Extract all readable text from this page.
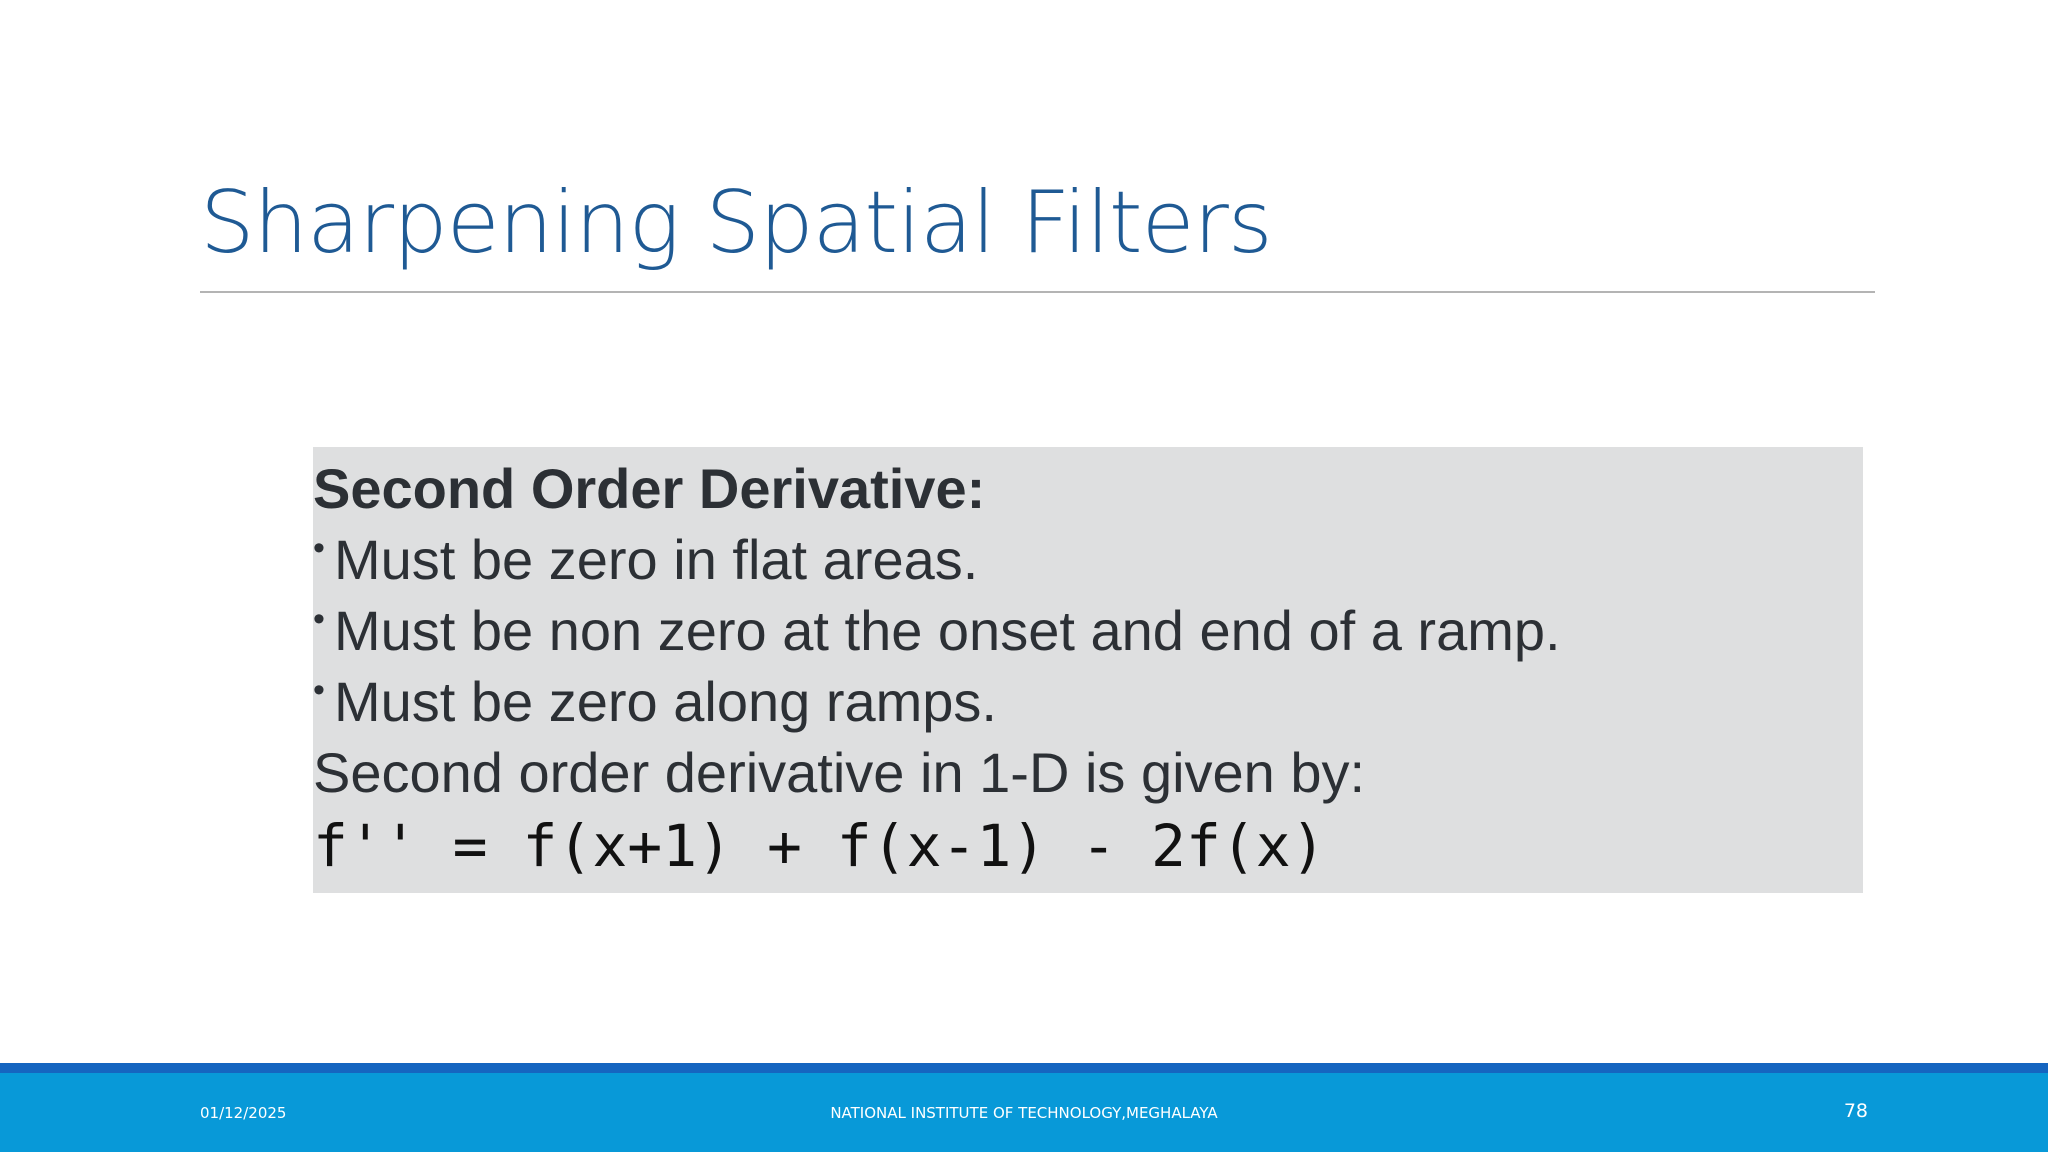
Sharpening Spatial Filters
Second Order Derivative:
• Must be zero in flat areas.
• Must be non zero at the onset and end of a ramp.
• Must be zero along ramps.
Second order derivative in 1-D is given by:
f'' = f(x+1) + f(x-1) - 2f(x)
01/12/2025	NATIONAL INSTITUTE OF TECHNOLOGY,MEGHALAYA	78
